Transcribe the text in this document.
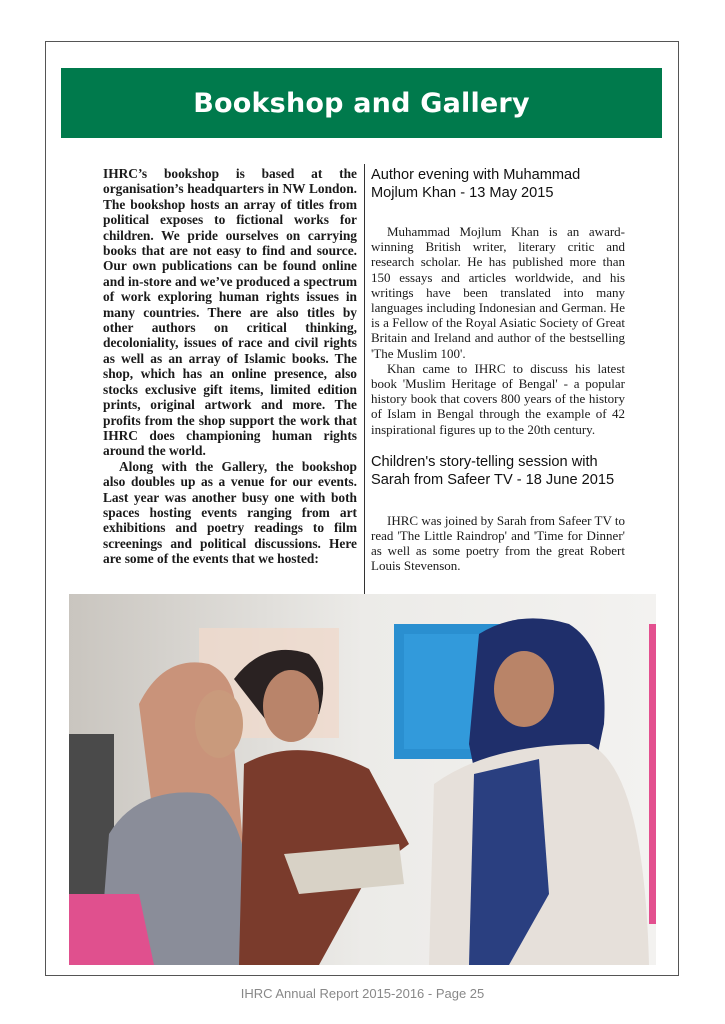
Bookshop and Gallery

IHRC’s bookshop is based at the organisation’s headquarters in NW London. The bookshop hosts an array of titles from political exposes to fictional works for children. We pride ourselves on carrying books that are not easy to find and source. Our own publications can be found online and in-store and we’ve produced a spectrum of work exploring human rights issues in many countries. There are also titles by other authors on critical thinking, decoloniality, issues of race and civil rights as well as an array of Islamic books. The shop, which has an online presence, also stocks exclusive gift items, limited edition prints, original artwork and more. The profits from the shop support the work that IHRC does championing human rights around the world.

Along with the Gallery, the bookshop also doubles up as a venue for our events. Last year was another busy one with both spaces hosting events ranging from art exhibitions and poetry readings to film screenings and political discussions. Here are some of the events that we hosted:

Author evening with Muhammad Mojlum Khan - 13 May 2015

Muhammad Mojlum Khan is an award-winning British writer, literary critic and research scholar. He has published more than 150 essays and articles worldwide, and his writings have been translated into many languages including Indonesian and German. He is a Fellow of the Royal Asiatic Society of Great Britain and Ireland and author of the bestselling 'The Muslim 100'.

Khan came to IHRC to discuss his latest book 'Muslim Heritage of Bengal' - a popular history book that covers 800 years of the history of Islam in Bengal through the example of 42 inspirational figures up to the 20th century.

Children's story-telling session with Sarah from Safeer TV - 18 June 2015

IHRC was joined by Sarah from Safeer TV to read 'The Little Raindrop' and 'Time for Dinner' as well as some poetry from the great Robert Louis Stevenson.

IHRC Annual Report 2015-2016 - Page 25
